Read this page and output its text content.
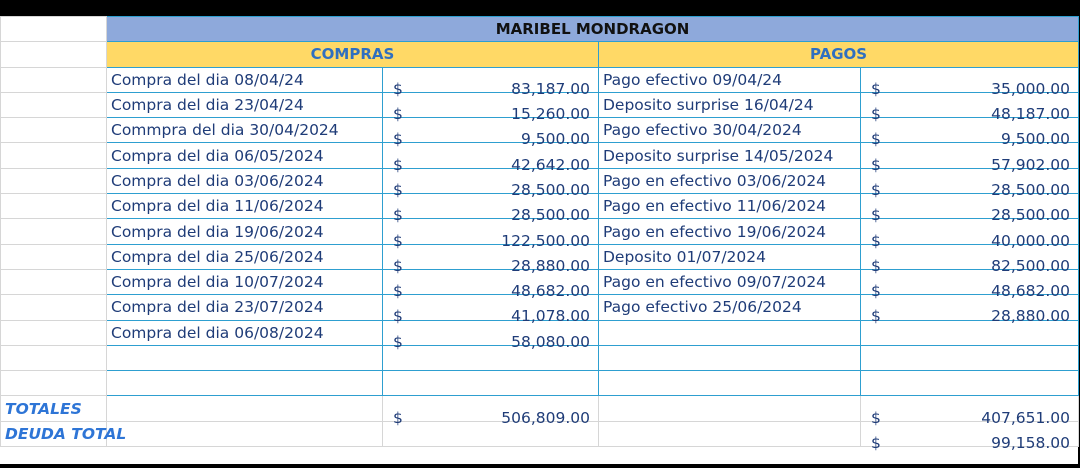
	MARIBEL MONDRAGON			
	COMPRAS		PAGOS	
	Compra del dia 08/04/24	$ 83,187.00	Pago efectivo 09/04/24	$ 35,000.00

	Compra del dia 23/04/24	$ 15,260.00	Deposito surprise 16/04/24	$ 48,187.00

	Commpra del dia 30/04/2024	$ 9,500.00	Pago efectivo 30/04/2024	$ 9,500.00

	Compra del dia 06/05/2024	$ 42,642.00	Deposito surprise 14/05/2024	$ 57,902.00

	Compra del dia 03/06/2024	$ 28,500.00	Pago en efectivo 03/06/2024	$ 28,500.00

	Compra del dia 11/06/2024	$ 28,500.00	Pago en efectivo 11/06/2024	$ 28,500.00

	Compra del dia 19/06/2024	$ 122,500.00	Pago en efectivo 19/06/2024	$ 40,000.00

	Compra del dia 25/06/2024	$ 28,880.00	Deposito 01/07/2024	$ 82,500.00

	Compra del dia 10/07/2024	$ 48,682.00	Pago en efectivo 09/07/2024	$ 48,682.00

	Compra del dia 23/07/2024	$ 41,078.00	Pago efectivo 25/06/2024	$ 28,880.00

	Compra del dia 06/08/2024	$ 58,080.00		

TOTALES		$ 506,809.00		$ 407,651.00

DEUDA TOTAL				$ 99,158.00
